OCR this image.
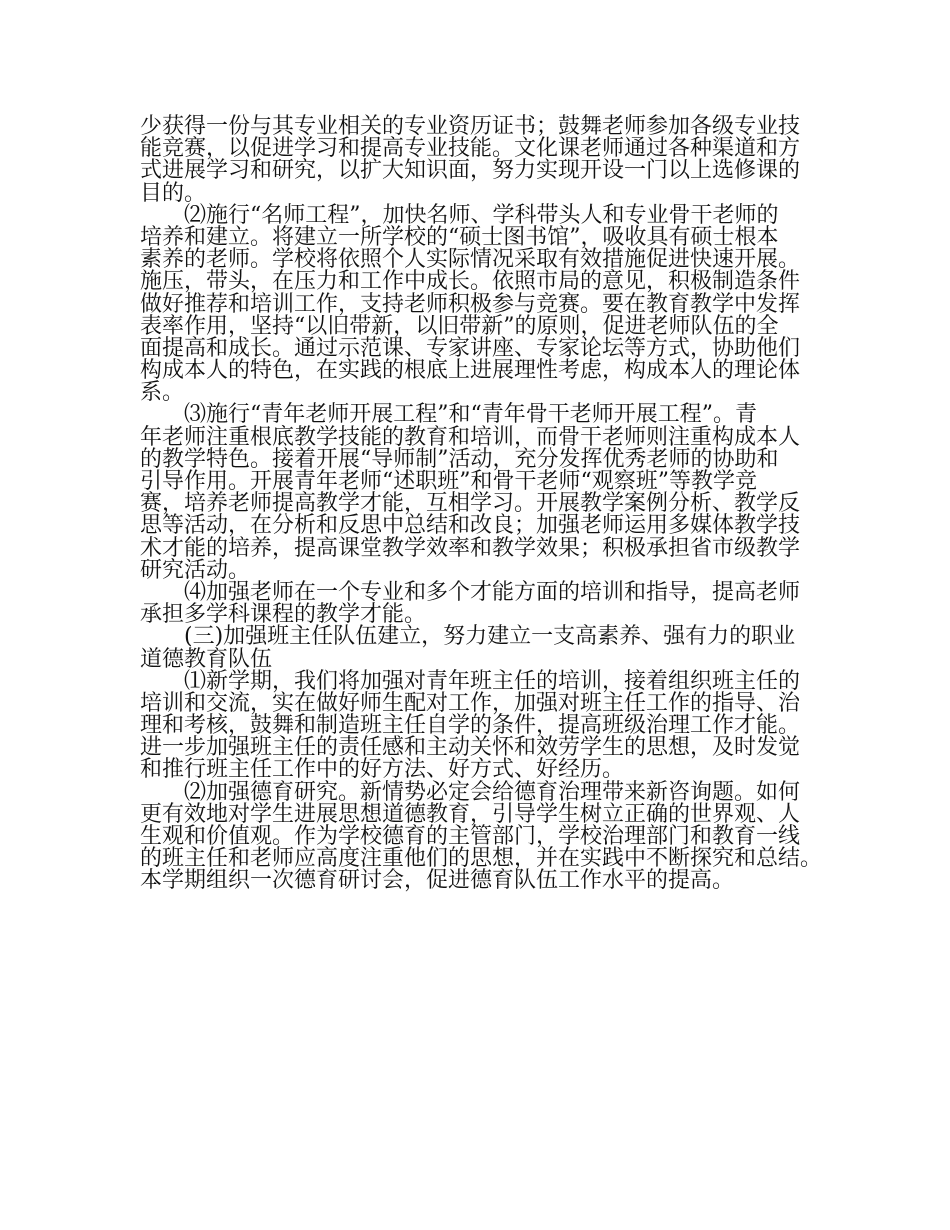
少获得一份与其专业相关的专业资历证书；鼓舞老师参加各级专业技
能竞赛，以促进学习和提高专业技能。文化课老师通过各种渠道和方
式进展学习和研究，以扩大知识面，努力实现开设一门以上选修课的
目的。
　　⑵施行“名师工程”，加快名师、学科带头人和专业骨干老师的
培养和建立。将建立一所学校的“硕士图书馆”，吸收具有硕士根本
素养的老师。学校将依照个人实际情况采取有效措施促进快速开展。
施压，带头，在压力和工作中成长。依照市局的意见，积极制造条件
做好推荐和培训工作，支持老师积极参与竞赛。要在教育教学中发挥
表率作用，坚持“以旧带新，以旧带新”的原则，促进老师队伍的全
面提高和成长。通过示范课、专家讲座、专家论坛等方式，协助他们
构成本人的特色，在实践的根底上进展理性考虑，构成本人的理论体
系。
　　⑶施行“青年老师开展工程”和“青年骨干老师开展工程”。青
年老师注重根底教学技能的教育和培训，而骨干老师则注重构成本人
的教学特色。接着开展“导师制”活动，充分发挥优秀老师的协助和
引导作用。开展青年老师“述职班”和骨干老师“观察班”等教学竞
赛，培养老师提高教学才能，互相学习。开展教学案例分析、教学反
思等活动，在分析和反思中总结和改良；加强老师运用多媒体教学技
术才能的培养，提高课堂教学效率和教学效果；积极承担省市级教学
研究活动。
　　⑷加强老师在一个专业和多个才能方面的培训和指导，提高老师
承担多学科课程的教学才能。
　　(三)加强班主任队伍建立，努力建立一支高素养、强有力的职业
道德教育队伍
　　⑴新学期，我们将加强对青年班主任的培训，接着组织班主任的
培训和交流，实在做好师生配对工作，加强对班主任工作的指导、治
理和考核，鼓舞和制造班主任自学的条件，提高班级治理工作才能。
进一步加强班主任的责任感和主动关怀和效劳学生的思想，及时发觉
和推行班主任工作中的好方法、好方式、好经历。
　　⑵加强德育研究。新情势必定会给德育治理带来新咨询题。如何
更有效地对学生进展思想道德教育，引导学生树立正确的世界观、人
生观和价值观。作为学校德育的主管部门，学校治理部门和教育一线
的班主任和老师应高度注重他们的思想，并在实践中不断探究和总结。
本学期组织一次德育研讨会，促进德育队伍工作水平的提高。
